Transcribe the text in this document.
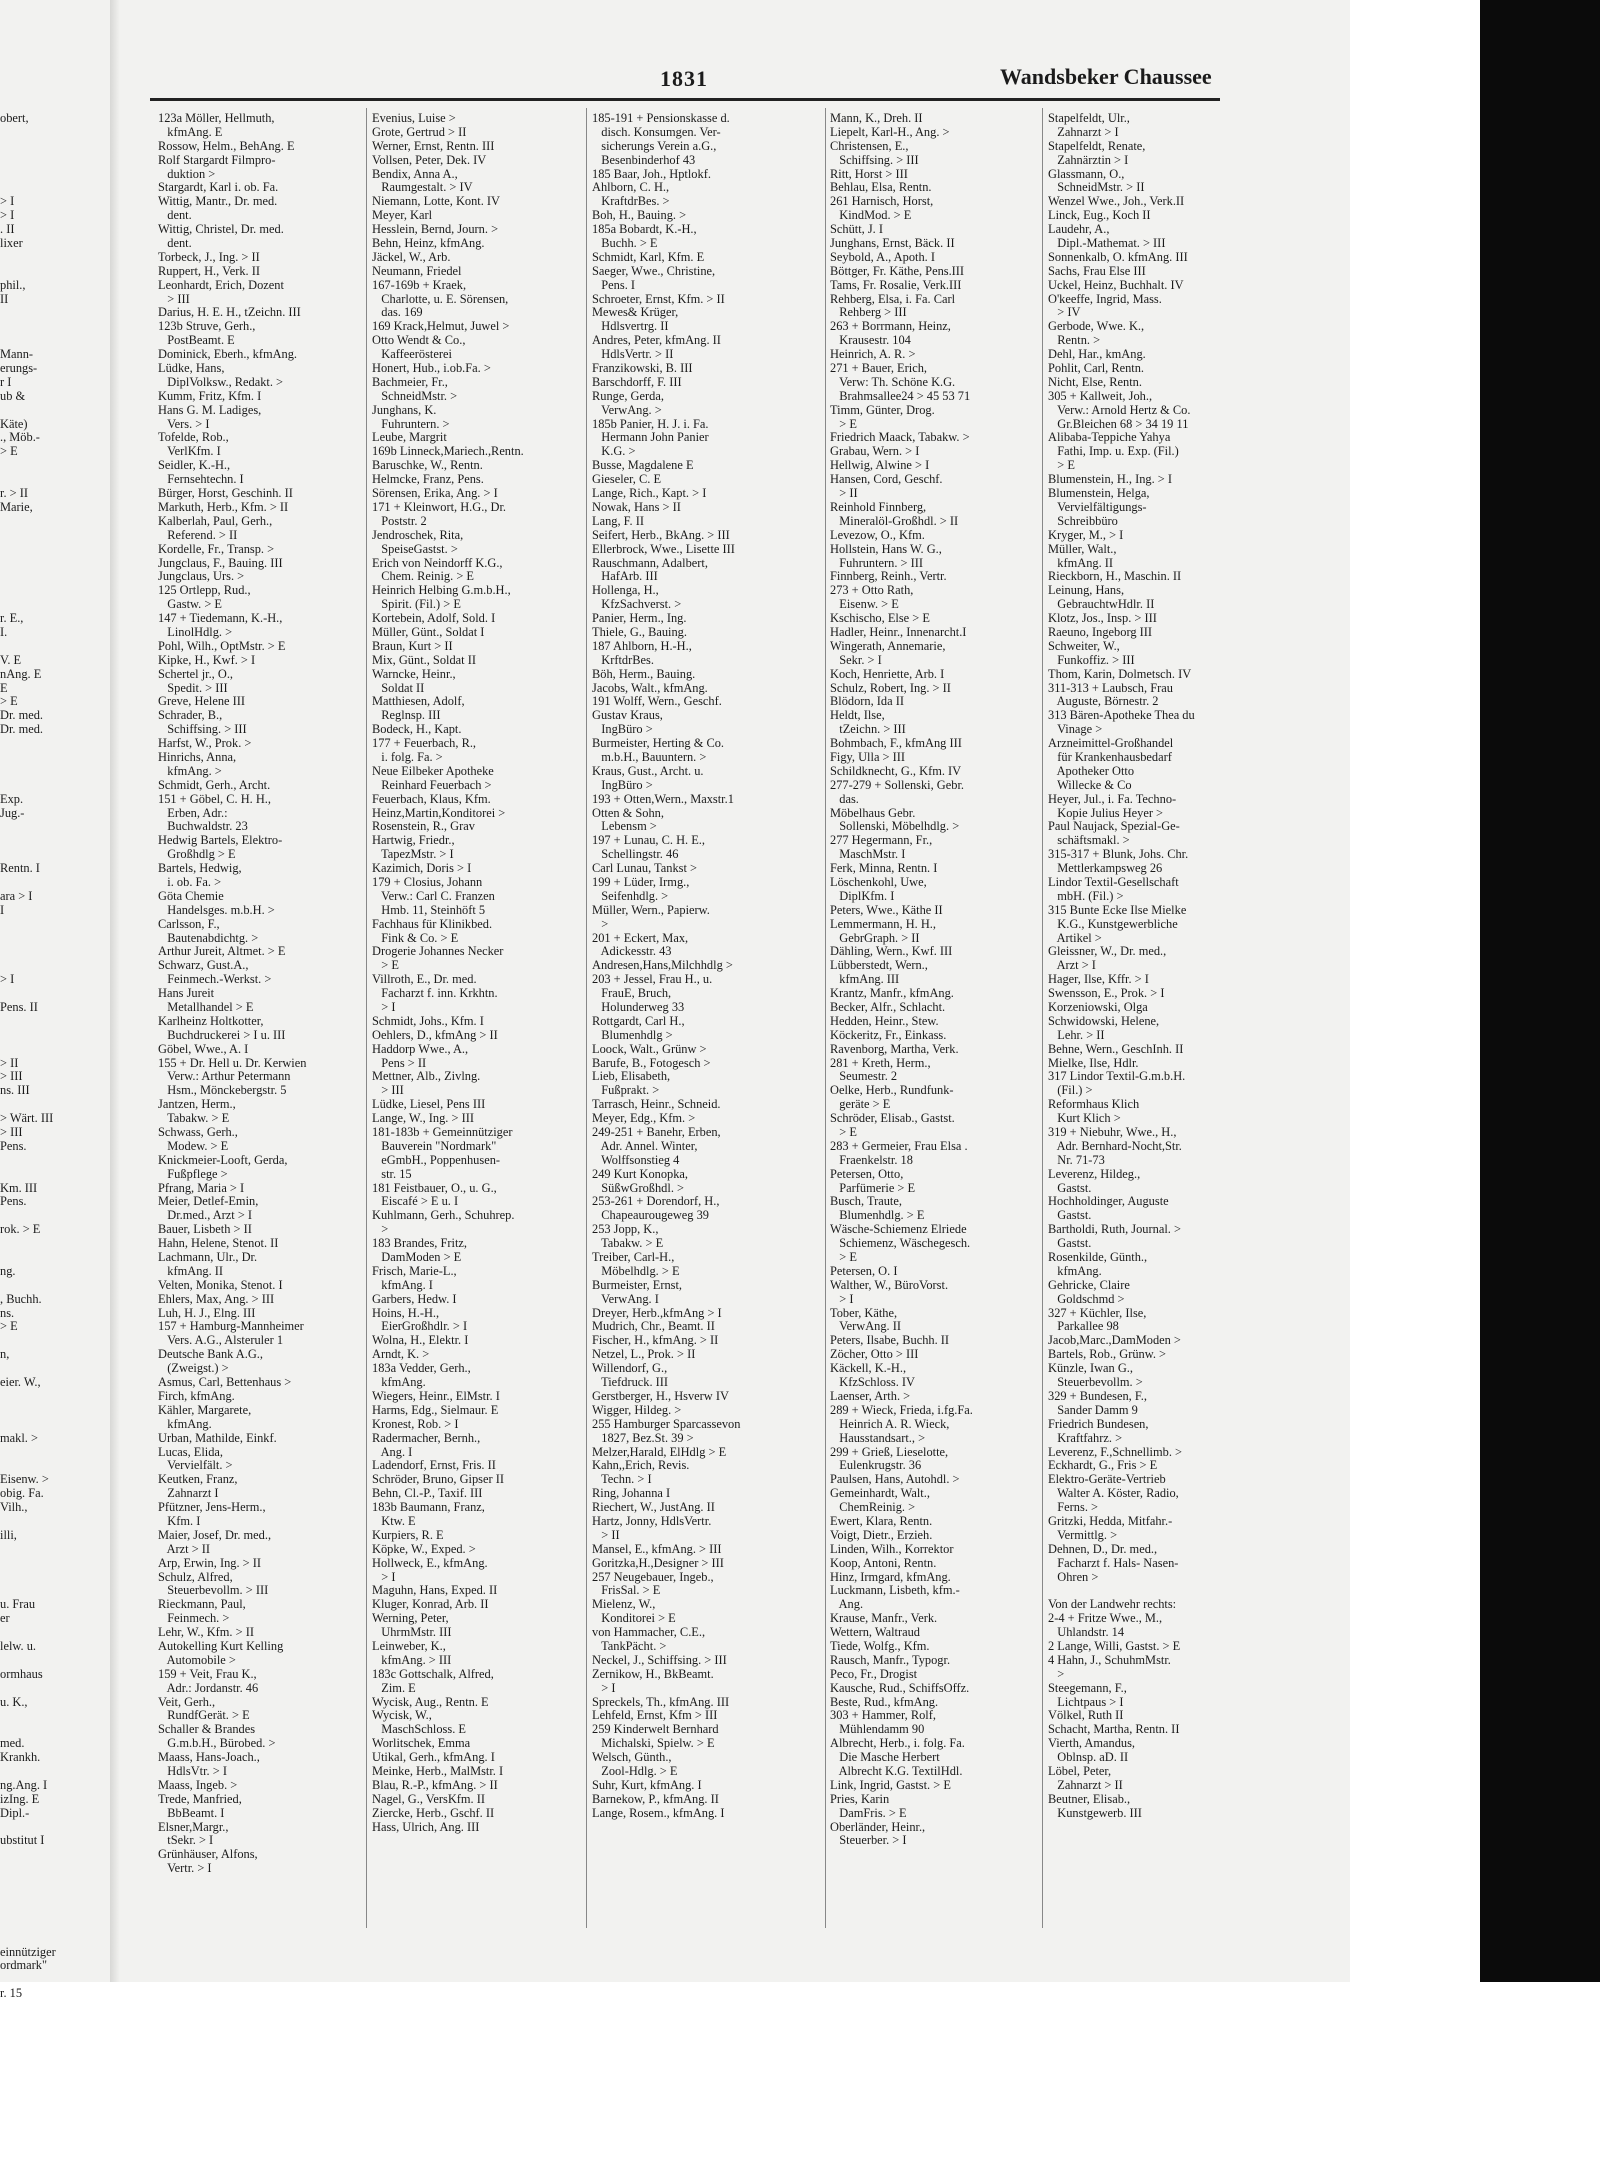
obert,
> I
> I
. II
lixer
phil.,
II
Mann-
erungs-
r I
ub &
Käte)
., Möb.-
> E
r. > II
Marie,
r. E.,
I.
V. E
nAng. E
E
> E
Dr. med.
Dr. med.
Exp.
Jug.-
Rentn. I
ara > I
I
> I
Pens. II
> II
> III
ns. III
> Wärt. III
> III
Pens.
Km. III
Pens.
rok. > E
ng.
, Buchh.
ns.
> E
n,
eier. W.,
makl. >
Eisenw. >
obig. Fa.
Vilh.,
illi,
u. Frau
er
lelw. u.
ormhaus
u. K.,
med.
Krankh.
ng.Ang. I
izIng. E
Dipl.-
ubstitut I
einnütziger
ordmark"
r. 15
1831	Wandsbeker Chaussee
123a Möller, Hellmuth,
kfmAng. E
Rossow, Helm., BehAng. E
Rolf Stargardt Filmpro-
duktion >
Stargardt, Karl i. ob. Fa.
Wittig, Mantr., Dr. med.
dent.
Wittig, Christel, Dr. med.
dent.
Torbeck, J., Ing. > II
Ruppert, H., Verk. II
Leonhardt, Erich, Dozent
> III
Darius, H. E. H., tZeichn. III
123b Struve, Gerh.,
PostBeamt. E
Dominick, Eberh., kfmAng.
Lüdke, Hans,
DiplVolksw., Redakt. >
Kumm, Fritz, Kfm. I
Hans G. M. Ladiges,
Vers. > I
Tofelde, Rob.,
VerlKfm. I
Seidler, K.-H.,
Fernsehtechn. I
Bürger, Horst, Geschinh. II
Markuth, Herb., Kfm. > II
Kalberlah, Paul, Gerh.,
Referend. > II
Kordelle, Fr., Transp. >
Jungclaus, F., Bauing. III
Jungclaus, Urs. >
125 Ortlepp, Rud.,
Gastw. > E
147 + Tiedemann, K.-H.,
LinolHdlg. >
Pohl, Wilh., OptMstr. > E
Kipke, H., Kwf. > I
Schertel jr., O.,
Spedit. > III
Greve, Helene III
Schrader, B.,
Schiffsing. > III
Harfst, W., Prok. >
Hinrichs, Anna,
kfmAng. >
Schmidt, Gerh., Archt.
151 + Göbel, C. H. H.,
Erben, Adr.:
Buchwaldstr. 23
Hedwig Bartels, Elektro-
Großhdlg > E
Bartels, Hedwig,
i. ob. Fa. >
Göta Chemie
Handelsges. m.b.H. >
Carlsson, F.,
Bautenabdichtg. >
Arthur Jureit, Altmet. > E
Schwarz, Gust.A.,
Feinmech.-Werkst. >
Hans Jureit
Metallhandel > E
Karlheinz Holtkotter,
Buchdruckerei > I u. III
Göbel, Wwe., A. I
155 + Dr. Hell u. Dr. Kerwien
Verw.: Arthur Petermann
Hsm., Mönckebergstr. 5
Jantzen, Herm.,
Tabakw. > E
Schwass, Gerh.,
Modew. > E
Knickmeier-Looft, Gerda,
Fußpflege >
Pfrang, Maria > I
Meier, Detlef-Emin,
Dr.med., Arzt > I
Bauer, Lisbeth > II
Hahn, Helene, Stenot. II
Lachmann, Ulr., Dr.
kfmAng. II
Velten, Monika, Stenot. I
Ehlers, Max, Ang. > III
Luh, H. J., Elng. III
157 + Hamburg-Mannheimer
Vers. A.G., Alsteruler 1
Deutsche Bank A.G.,
(Zweigst.) >
Asmus, Carl, Bettenhaus >
Firch, kfmAng.
Kähler, Margarete,
kfmAng.
Urban, Mathilde, Einkf.
Lucas, Elida,
Vervielfält. >
Keutken, Franz,
Zahnarzt I
Pfützner, Jens-Herm.,
Kfm. I
Maier, Josef, Dr. med.,
Arzt > II
Arp, Erwin, Ing. > II
Schulz, Alfred,
Steuerbevollm. > III
Rieckmann, Paul,
Feinmech. >
Lehr, W., Kfm. > II
Autokelling Kurt Kelling
Automobile >
159 + Veit, Frau K.,
Adr.: Jordanstr. 46
Veit, Gerh.,
RundfGerät. > E
Schaller & Brandes
G.m.b.H., Bürobed. >
Maass, Hans-Joach.,
HdlsVtr. > I
Maass, Ingeb. >
Trede, Manfried,
BbBeamt. I
Elsner,Margr.,
tSekr. > I
Grünhäuser, Alfons,
Vertr. > I
Evenius, Luise >
Grote, Gertrud > II
Werner, Ernst, Rentn. III
Vollsen, Peter, Dek. IV
Bendix, Anna A.,
Raumgestalt. > IV
Niemann, Lotte, Kont. IV
Meyer, Karl
Hesslein, Bernd, Journ. >
Behn, Heinz, kfmAng.
Jäckel, W., Arb.
Neumann, Friedel
167-169b + Kraek,
Charlotte, u. E. Sörensen,
das. 169
169 Krack,Helmut, Juwel >
Otto Wendt & Co.,
Kaffeerösterei
Honert, Hub., i.ob.Fa. >
Bachmeier, Fr.,
SchneidMstr. >
Junghans, K.
Fuhruntern. >
Leube, Margrit
169b Linneck,Mariech.,Rentn.
Baruschke, W., Rentn.
Helmcke, Franz, Pens.
Sörensen, Erika, Ang. > I
171 + Kleinwort, H.G., Dr.
Poststr. 2
Jendroschek, Rita,
SpeiseGastst. >
Erich von Neindorff K.G.,
Chem. Reinig. > E
Heinrich Helbing G.m.b.H.,
Spirit. (Fil.) > E
Kortebein, Adolf, Sold. I
Müller, Günt., Soldat I
Braun, Kurt > II
Mix, Günt., Soldat II
Warncke, Heinr.,
Soldat II
Matthiesen, Adolf,
Reglnsp. III
Bodeck, H., Kapt.
177 + Feuerbach, R.,
i. folg. Fa. >
Neue Eilbeker Apotheke
Reinhard Feuerbach >
Feuerbach, Klaus, Kfm.
Heinz,Martin,Konditorei >
Rosenstein, R., Grav
Hartwig, Friedr.,
TapezMstr. > I
Kazimich, Doris > I
179 + Closius, Johann
Verw.: Carl C. Franzen
Hmb. 11, Steinhöft 5
Fachhaus für Klinikbed.
Fink & Co. > E
Drogerie Johannes Necker
> E
Villroth, E., Dr. med.
Facharzt f. inn. Krkhtn.
> I
Schmidt, Johs., Kfm. I
Oehlers, D., kfmAng > II
Haddorp Wwe., A.,
Pens > II
Mettner, Alb., Zivlng.
> III
Lüdke, Liesel, Pens III
Lange, W., Ing. > III
181-183b + Gemeinnütziger
Bauverein "Nordmark"
eGmbH., Poppenhusen-
str. 15
181 Feistbauer, O., u. G.,
Eiscafé > E u. I
Kuhlmann, Gerh., Schuhrep.
>
183 Brandes, Fritz,
DamModen > E
Frisch, Marie-L.,
kfmAng. I
Garbers, Hedw. I
Hoins, H.-H.,
EierGroßhdlr. > I
Wolna, H., Elektr. I
Arndt, K. >
183a Vedder, Gerh.,
kfmAng.
Wiegers, Heinr., ElMstr. I
Harms, Edg., Sielmaur. E
Kronest, Rob. > I
Radermacher, Bernh.,
Ang. I
Ladendorf, Ernst, Fris. II
Schröder, Bruno, Gipser II
Behn, Cl.-P., Taxif. III
183b Baumann, Franz,
Ktw. E
Kurpiers, R. E
Köpke, W., Exped. >
Hollweck, E., kfmAng.
> I
Maguhn, Hans, Exped. II
Kluger, Konrad, Arb. II
Werning, Peter,
UhrmMstr. III
Leinweber, K.,
kfmAng. > III
183c Gottschalk, Alfred,
Zim. E
Wycisk, Aug., Rentn. E
Wycisk, W.,
MaschSchloss. E
Worlitschek, Emma
Utikal, Gerh., kfmAng. I
Meinke, Herb., MalMstr. I
Blau, R.-P., kfmAng. > II
Nagel, G., VersKfm. II
Ziercke, Herb., Gschf. II
Hass, Ulrich, Ang. III
185-191 + Pensionskasse d.
disch. Konsumgen. Ver-
sicherungs Verein a.G.,
Besenbinderhof 43
185 Baar, Joh., Hptlokf.
Ahlborn, C. H.,
KraftdrBes. >
Boh, H., Bauing. >
185a Bobardt, K.-H.,
Buchh. > E
Schmidt, Karl, Kfm. E
Saeger, Wwe., Christine,
Pens. I
Schroeter, Ernst, Kfm. > II
Mewes& Krüger,
Hdlsvertrg. II
Andres, Peter, kfmAng. II
HdlsVertr. > II
Franzikowski, B. III
Barschdorff, F. III
Runge, Gerda,
VerwAng. >
185b Panier, H. J. i. Fa.
Hermann John Panier
K.G. >
Busse, Magdalene E
Gieseler, C. E
Lange, Rich., Kapt. > I
Nowak, Hans > II
Lang, F. II
Seifert, Herb., BkAng. > III
Ellerbrock, Wwe., Lisette III
Rauschmann, Adalbert,
HafArb. III
Hollenga, H.,
KfzSachverst. >
Panier, Herm., Ing.
Thiele, G., Bauing.
187 Ahlborn, H.-H.,
KrftdrBes.
Böh, Herm., Bauing.
Jacobs, Walt., kfmAng.
191 Wolff, Wern., Geschf.
Gustav Kraus,
IngBüro >
Burmeister, Herting & Co.
m.b.H., Bauuntern. >
Kraus, Gust., Archt. u.
IngBüro >
193 + Otten,Wern., Maxstr.1
Otten & Sohn,
Lebensm >
197 + Lunau, C. H. E.,
Schellingstr. 46
Carl Lunau, Tankst >
199 + Lüder, Irmg.,
Seifenhdlg. >
Müller, Wern., Papierw.
>
201 + Eckert, Max,
Adickesstr. 43
Andresen,Hans,Milchhdlg >
203 + Jessel, Frau H., u.
FrauE, Bruch,
Holunderweg 33
Rottgardt, Carl H.,
Blumenhdlg >
Loock, Walt., Grünw >
Barufe, B., Fotogesch >
Lieb, Elisabeth,
Fußprakt. >
Tarrasch, Heinr., Schneid.
Meyer, Edg., Kfm. >
249-251 + Banehr, Erben,
Adr. Annel. Winter,
Wolffsonstieg 4
249 Kurt Konopka,
SüßwGroßhdl. >
253-261 + Dorendorf, H.,
Chapeaurougeweg 39
253 Jopp, K.,
Tabakw. > E
Treiber, Carl-H.,
Möbelhdlg. > E
Burmeister, Ernst,
VerwAng. I
Dreyer, Herb.,kfmAng > I
Mudrich, Chr., Beamt. II
Fischer, H., kfmAng. > II
Netzel, L., Prok. > II
Willendorf, G.,
Tiefdruck. III
Gerstberger, H., Hsverw IV
Wigger, Hildeg. >
255 Hamburger Sparcassevon
1827, Bez.St. 39 >
Melzer,Harald, ElHdlg > E
Kahn,,Erich, Revis.
Techn. > I
Ring, Johanna I
Riechert, W., JustAng. II
Hartz, Jonny, HdlsVertr.
> II
Mansel, E., kfmAng. > III
Goritzka,H.,Designer > III
257 Neugebauer, Ingeb.,
FrisSal. > E
Mielenz, W.,
Konditorei > E
von Hammacher, C.E.,
TankPächt. >
Neckel, J., Schiffsing. > III
Zernikow, H., BkBeamt.
> I
Spreckels, Th., kfmAng. III
Lehfeld, Ernst, Kfm > III
259 Kinderwelt Bernhard
Michalski, Spielw. > E
Welsch, Günth.,
Zool-Hdlg. > E
Suhr, Kurt, kfmAng. I
Barnekow, P., kfmAng. II
Lange, Rosem., kfmAng. I
Mann, K., Dreh. II
Liepelt, Karl-H., Ang. >
Christensen, E.,
Schiffsing. > III
Ritt, Horst > III
Behlau, Elsa, Rentn.
261 Harnisch, Horst,
KindMod. > E
Schütt, J. I
Junghans, Ernst, Bäck. II
Seybold, A., Apoth. I
Böttger, Fr. Käthe, Pens.III
Tams, Fr. Rosalie, Verk.III
Rehberg, Elsa, i. Fa. Carl
Rehberg > III
263 + Borrmann, Heinz,
Krausestr. 104
Heinrich, A. R. >
271 + Bauer, Erich,
Verw: Th. Schöne K.G.
Brahmsallee24 > 45 53 71
Timm, Günter, Drog.
> E
Friedrich Maack, Tabakw. >
Grabau, Wern. > I
Hellwig, Alwine > I
Hansen, Cord, Geschf.
> II
Reinhold Finnberg,
Mineralöl-Großhdl. > II
Levezow, O., Kfm.
Hollstein, Hans W. G.,
Fuhruntern. > III
Finnberg, Reinh., Vertr.
273 + Otto Rath,
Eisenw. > E
Kschischo, Else > E
Hadler, Heinr., Innenarcht.I
Wingerath, Annemarie,
Sekr. > I
Koch, Henriette, Arb. I
Schulz, Robert, Ing. > II
Blödorn, Ida II
Heldt, Ilse,
tZeichn. > III
Bohmbach, F., kfmAng III
Figy, Ulla > III
Schildknecht, G., Kfm. IV
277-279 + Sollenski, Gebr.
das.
Möbelhaus Gebr.
Sollenski, Möbelhdlg. >
277 Hegermann, Fr.,
MaschMstr. I
Ferk, Minna, Rentn. I
Löschenkohl, Uwe,
DiplKfm. I
Peters, Wwe., Käthe II
Lemmermann, H. H.,
GebrGraph. > II
Dähling, Wern., Kwf. III
Lübberstedt, Wern.,
kfmAng. III
Krantz, Manfr., kfmAng.
Becker, Alfr., Schlacht.
Hedden, Heinr., Stew.
Köckeritz, Fr., Einkass.
Ravenborg, Martha, Verk.
281 + Kreth, Herm.,
Seumestr. 2
Oelke, Herb., Rundfunk-
geräte > E
Schröder, Elisab., Gastst.
> E
283 + Germeier, Frau Elsa .
Fraenkelstr. 18
Petersen, Otto,
Parfümerie > E
Busch, Traute,
Blumenhdlg. > E
Wäsche-Schiemenz Elriede
Schiemenz, Wäschegesch.
> E
Petersen, O. I
Walther, W., BüroVorst.
> I
Tober, Käthe,
VerwAng. II
Peters, Ilsabe, Buchh. II
Zöcher, Otto > III
Käckell, K.-H.,
KfzSchloss. IV
Laenser, Arth. >
289 + Wieck, Frieda, i.fg.Fa.
Heinrich A. R. Wieck,
Hausstandsart., >
299 + Grieß, Lieselotte,
Eulenkrugstr. 36
Paulsen, Hans, Autohdl. >
Gemeinhardt, Walt.,
ChemReinig. >
Ewert, Klara, Rentn.
Voigt, Dietr., Erzieh.
Linden, Wilh., Korrektor
Koop, Antoni, Rentn.
Hinz, Irmgard, kfmAng.
Luckmann, Lisbeth, kfm.-
Ang.
Krause, Manfr., Verk.
Wettern, Waltraud
Tiede, Wolfg., Kfm.
Rausch, Manfr., Typogr.
Peco, Fr., Drogist
Kausche, Rud., SchiffsOffz.
Beste, Rud., kfmAng.
303 + Hammer, Rolf,
Mühlendamm 90
Albrecht, Herb., i. folg. Fa.
Die Masche Herbert
Albrecht K.G. TextilHdl.
Link, Ingrid, Gastst. > E
Pries, Karin
DamFris. > E
Oberländer, Heinr.,
Steuerber. > I
Stapelfeldt, Ulr.,
Zahnarzt > I
Stapelfeldt, Renate,
Zahnärztin > I
Glassmann, O.,
SchneidMstr. > II
Wenzel Wwe., Joh., Verk.II
Linck, Eug., Koch II
Laudehr, A.,
Dipl.-Mathemat. > III
Sonnenkalb, O. kfmAng. III
Sachs, Frau Else III
Uckel, Heinz, Buchhalt. IV
O'keeffe, Ingrid, Mass.
> IV
Gerbode, Wwe. K.,
Rentn. >
Dehl, Har., kmAng.
Pohlit, Carl, Rentn.
Nicht, Else, Rentn.
305 + Kallweit, Joh.,
Verw.: Arnold Hertz & Co.
Gr.Bleichen 68 > 34 19 11
Alibaba-Teppiche Yahya
Fathi, Imp. u. Exp. (Fil.)
> E
Blumenstein, H., Ing. > I
Blumenstein, Helga,
Vervielfältigungs-
Schreibbüro
Kryger, M., > I
Müller, Walt.,
kfmAng. II
Rieckborn, H., Maschin. II
Leinung, Hans,
GebrauchtwHdlr. II
Klotz, Jos., Insp. > III
Raeuno, Ingeborg III
Schweiter, W.,
Funkoffiz. > III
Thom, Karin, Dolmetsch. IV
311-313 + Laubsch, Frau
Auguste, Börnestr. 2
313 Bären-Apotheke Thea du
Vinage >
Arzneimittel-Großhandel
für Krankenhausbedarf
Apotheker Otto
Willecke & Co
Heyer, Jul., i. Fa. Techno-
Kopie Julius Heyer >
Paul Naujack, Spezial-Ge-
schäftsmakl. >
315-317 + Blunk, Johs. Chr.
Mettlerkampsweg 26
Lindor Textil-Gesellschaft
mbH. (Fil.) >
315 Bunte Ecke Ilse Mielke
K.G., Kunstgewerbliche
Artikel >
Gleissner, W., Dr. med.,
Arzt > I
Hager, Ilse, Kffr. > I
Swensson, E., Prok. > I
Korzeniowski, Olga
Schwidowski, Helene,
Lehr. > II
Behne, Wern., GeschInh. II
Mielke, Ilse, Hdlr.
317 Lindor Textil-G.m.b.H.
(Fil.) >
Reformhaus Klich
Kurt Klich >
319 + Niebuhr, Wwe., H.,
Adr. Bernhard-Nocht,Str.
Nr. 71-73
Leverenz, Hildeg.,
Gastst.
Hochholdinger, Auguste
Gastst.
Bartholdi, Ruth, Journal. >
Gastst.
Rosenkilde, Günth.,
kfmAng.
Gehricke, Claire
Goldschmd >
327 + Küchler, Ilse,
Parkallee 98
Jacob,Marc.,DamModen >
Bartels, Rob., Grünw. >
Künzle, Iwan G.,
Steuerbevollm. >
329 + Bundesen, F.,
Sander Damm 9
Friedrich Bundesen,
Kraftfahrz. >
Leverenz, F.,Schnellimb. >
Eckhardt, G., Fris > E
Elektro-Geräte-Vertrieb
Walter A. Köster, Radio,
Ferns. >
Gritzki, Hedda, Mitfahr.-
Vermittlg. >
Dehnen, D., Dr. med.,
Facharzt f. Hals- Nasen-
Ohren >
Von der Landwehr rechts:
2-4 + Fritze Wwe., M.,
Uhlandstr. 14
2 Lange, Willi, Gastst. > E
4 Hahn, J., SchuhmMstr.
>
Steegemann, F.,
Lichtpaus > I
Völkel, Ruth II
Schacht, Martha, Rentn. II
Vierth, Amandus,
Oblnsp. aD. II
Löbel, Peter,
Zahnarzt > II
Beutner, Elisab.,
Kunstgewerb. III
